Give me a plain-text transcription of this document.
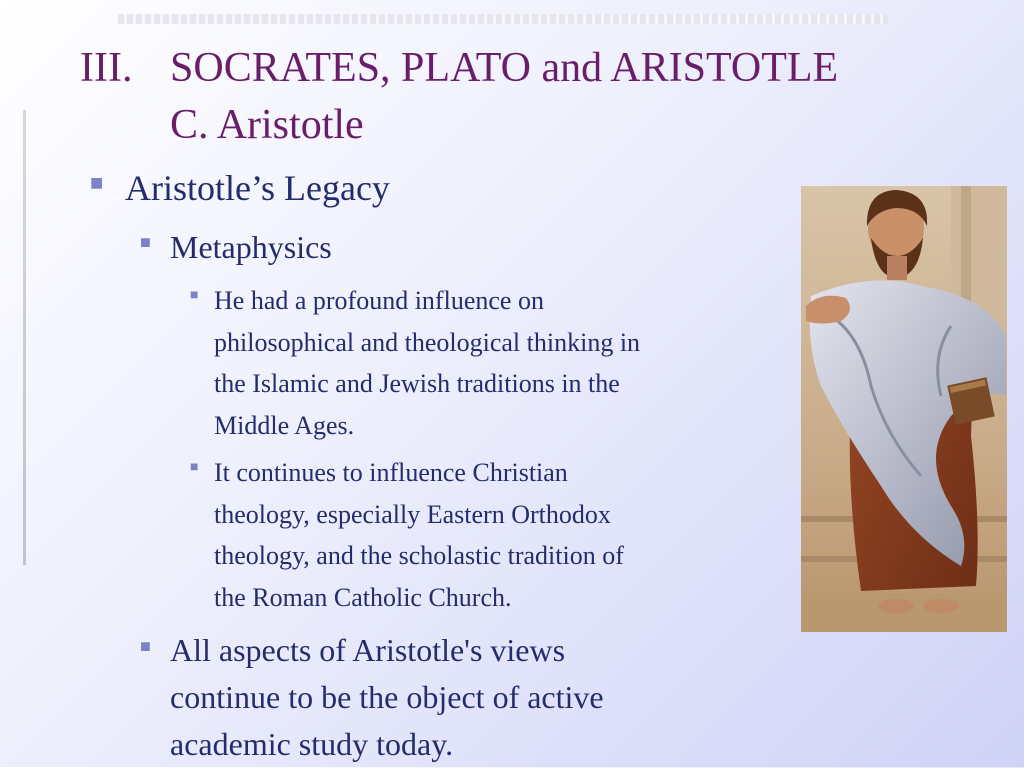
III. SOCRATES, PLATO and ARISTOTLE
C. Aristotle
■ Aristotle’s Legacy
■ Metaphysics
■ He had a profound influence on
philosophical and theological thinking in
the Islamic and Jewish traditions in the
Middle Ages.
■ It continues to influence Christian
theology, especially Eastern Orthodox
theology, and the scholastic tradition of
the Roman Catholic Church.
■ All aspects of Aristotle's views
continue to be the object of active
academic study today.
